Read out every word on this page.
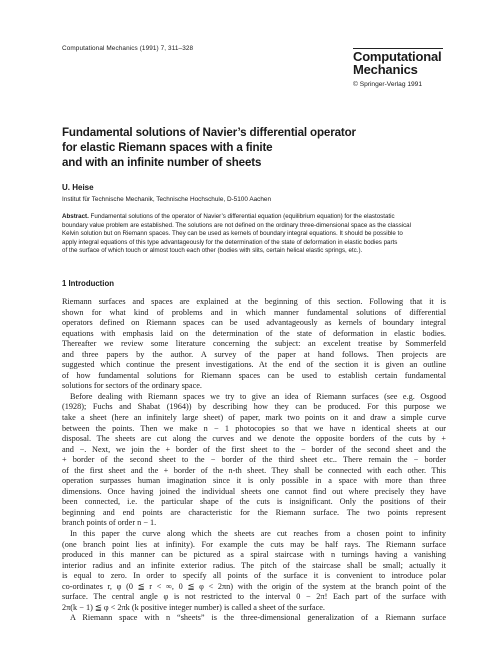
Computational Mechanics (1991) 7, 311–328

Computational

Mechanics

© Springer-Verlag 1991
Fundamental solutions of Navier’s differential operator
for elastic Riemann spaces with a finite
and with an infinite number of sheets
U. Heise
Institut für Technische Mechanik, Technische Hochschule, D-5100 Aachen

Abstract. Fundamental solutions of the operator of Navier’s differential equation (equilibrium equation) for the elastostatic
boundary value problem are established. The solutions are not defined on the ordinary three-dimensional space as the classical
Kelvin solution but on Riemann spaces. They can be used as kernels of boundary integral equations. It should be possible to
apply integral equations of this type advantageously for the determination of the state of deformation in elastic bodies parts
of the surface of which touch or almost touch each other (bodies with slits, certain helical elastic springs, etc.).

1 Introduction

Riemann surfaces and spaces are explained at the beginning of this section. Following that it is
shown for what kind of problems and in which manner fundamental solutions of differential
operators defined on Riemann spaces can be used advantageously as kernels of boundary integral
equations with emphasis laid on the determination of the state of deformation in elastic bodies.
Thereafter we review some literature concerning the subject: an excelent treatise by Sommerfeld
and three papers by the author. A survey of the paper at hand follows. Then projects are
suggested which continue the present investigations. At the end of the section it is given an outline
of how fundamental solutions for Riemann spaces can be used to establish certain fundamental
solutions for sectors of the ordinary space.
Before dealing with Riemann spaces we try to give an idea of Riemann surfaces (see e.g. Osgood
(1928); Fuchs and Shabat (1964)) by describing how they can be produced. For this purpose we
take a sheet (here an infinitely large sheet) of paper, mark two points on it and draw a simple curve
between the points. Then we make n − 1 photocopies so that we have n identical sheets at our
disposal. The sheets are cut along the curves and we denote the opposite borders of the cuts by +
and −. Next, we join the + border of the first sheet to the − border of the second sheet and the
+ border of the second sheet to the − border of the third sheet etc.. There remain the − border
of the first sheet and the + border of the n-th sheet. They shall be connected with each other. This
operation surpasses human imagination since it is only possible in a space with more than three
dimensions. Once having joined the individual sheets one cannot find out where precisely they have
been connected, i.e. the particular shape of the cuts is insignificant. Only the positions of their
beginning and end points are characteristic for the Riemann surface. The two points represent
branch points of order n − 1.
In this paper the curve along which the sheets are cut reaches from a chosen point to infinity
(one branch point lies at infinity). For example the cuts may be half rays. The Riemann surface
produced in this manner can be pictured as a spiral staircase with n turnings having a vanishing
interior radius and an infinite exterior radius. The pitch of the staircase shall be small; actually it
is equal to zero. In order to specify all points of the surface it is convenient to introduce polar
co-ordinates r, φ (0 ≦ r < ∞, 0 ≦ φ < 2πn) with the origin of the system at the branch point of the
surface. The central angle φ is not restricted to the interval 0 − 2π! Each part of the surface with
2π(k − 1) ≦ φ < 2πk (k positive integer number) is called a sheet of the surface.
A Riemann space with n “sheets” is the three-dimensional generalization of a Riemann surface
